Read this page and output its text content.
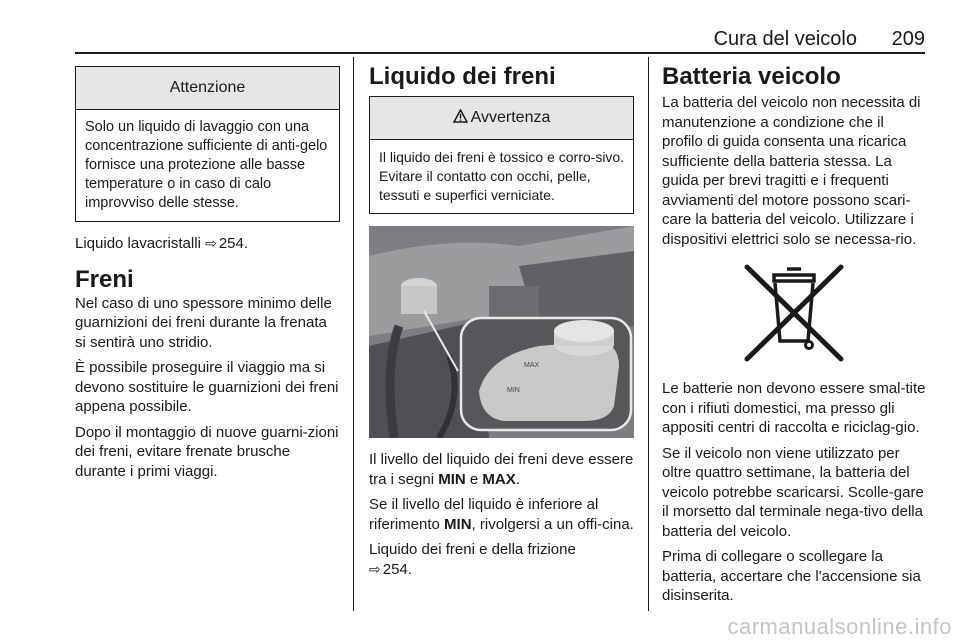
Cura del veicolo 209
Attenzione
Solo un liquido di lavaggio con una concentrazione sufficiente di anti-gelo fornisce una protezione alle basse temperature o in caso di calo improvviso delle stesse.

Liquido lavacristalli ⇨ 254.

Freni

Nel caso di uno spessore minimo delle guarnizioni dei freni durante la frenata si sentirà uno stridio.

È possibile proseguire il viaggio ma si devono sostituire le guarnizioni dei freni appena possibile.

Dopo il montaggio di nuove guarni-zioni dei freni, evitare frenate brusche durante i primi viaggi.

Liquido dei freni
Avvertenza
Il liquido dei freni è tossico e corro-sivo. Evitare il contatto con occhi, pelle, tessuti e superfici verniciate.
MAX
MIN

Il livello del liquido dei freni deve essere tra i segni MIN e MAX.

Se il livello del liquido è inferiore al riferimento MIN, rivolgersi a un offi-cina.

Liquido dei freni e della frizione
⇨ 254.

Batteria veicolo

La batteria del veicolo non necessita di manutenzione a condizione che il profilo di guida consenta una ricarica sufficiente della batteria stessa. La guida per brevi tragitti e i frequenti avviamenti del motore possono scari-care la batteria del veicolo. Utilizzare i dispositivi elettrici solo se necessa-rio.

Le batterie non devono essere smal-tite con i rifiuti domestici, ma presso gli appositi centri di raccolta e riciclag-gio.

Se il veicolo non viene utilizzato per oltre quattro settimane, la batteria del veicolo potrebbe scaricarsi. Scolle-gare il morsetto dal terminale nega-tivo della batteria del veicolo.

Prima di collegare o scollegare la batteria, accertare che l'accensione sia disinserita.

carmanualsonline.info
